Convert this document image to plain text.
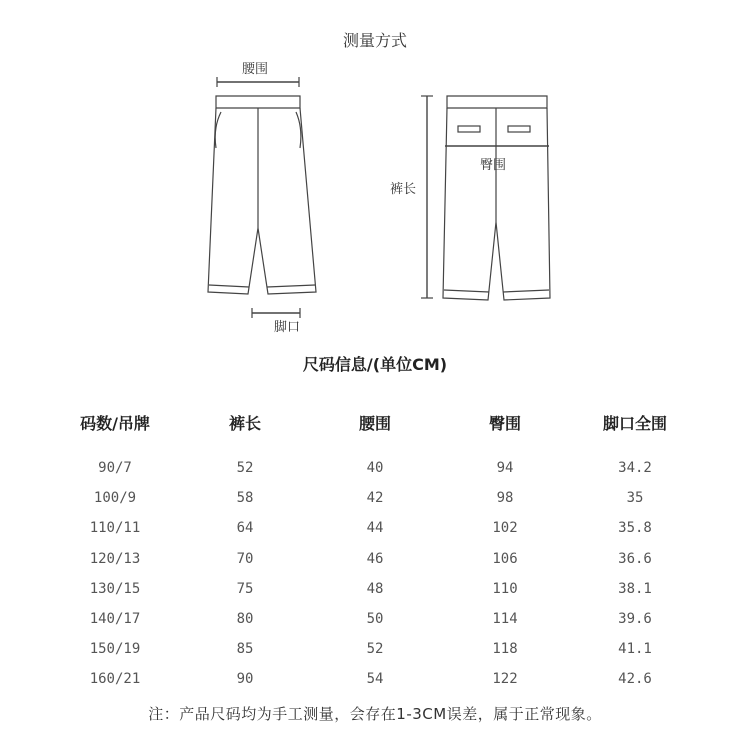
测量方式
腰围
裤长
臀围
脚口
尺码信息/(单位CM)
码数/吊牌	裤长	腰围	臀围	脚口全围
90/7	52	40	94	34.2
100/9	58	42	98	35
110/11	64	44	102	35.8
120/13	70	46	106	36.6
130/15	75	48	110	38.1
140/17	80	50	114	39.6
150/19	85	52	118	41.1
160/21	90	54	122	42.6
注：产品尺码均为手工测量，会存在1-3CM误差，属于正常现象。
